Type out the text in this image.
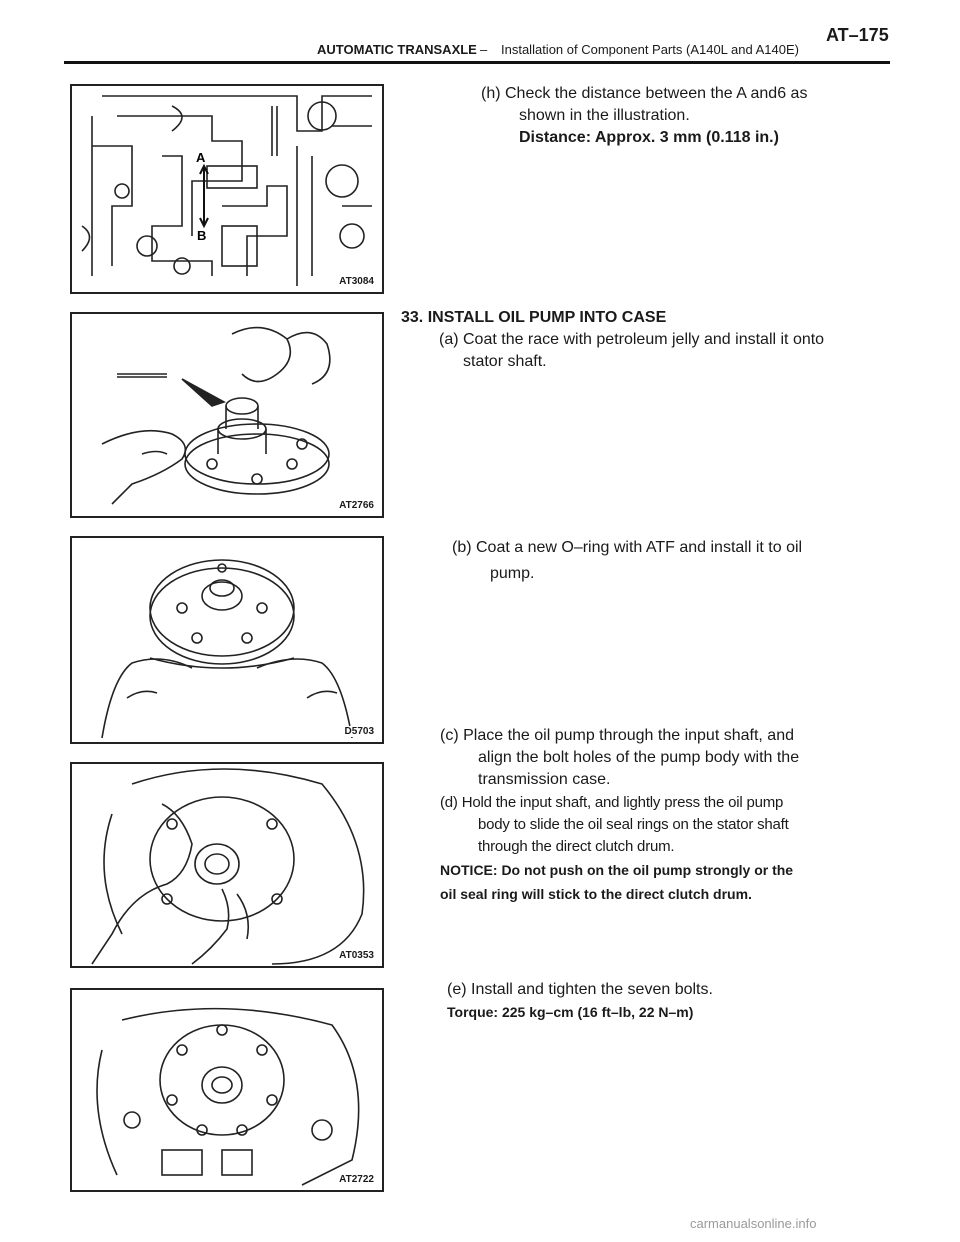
AUTOMATIC TRANSAXLE – Installation of Component Parts (A140L and A140E)
AT–175
A
B
AT3084
AT2766
D5703
AT0353
AT2722
(h) Check the distance between the A and6 as

shown in the illustration.
Distance: Approx. 3 mm (0.118 in.)
33. INSTALL OIL PUMP INTO CASE

(a) Coat the race with petroleum jelly and install it onto
stator shaft.
(b) Coat a new O–ring with ATF and install it to oil

pump.
(c) Place the oil pump through the input shaft, and

align the bolt holes of the pump body with the
transmission case.
(d) Hold the input shaft, and lightly press the oil pump

body to slide the oil seal rings on the stator shaft
through the direct clutch drum.
NOTICE: Do not push on the oil pump strongly or the
oil seal ring will stick to the direct clutch drum.
(e) Install and tighten the seven bolts.
Torque: 225 kg–cm (16 ft–lb, 22 N–m)
carmanualsonline.info
